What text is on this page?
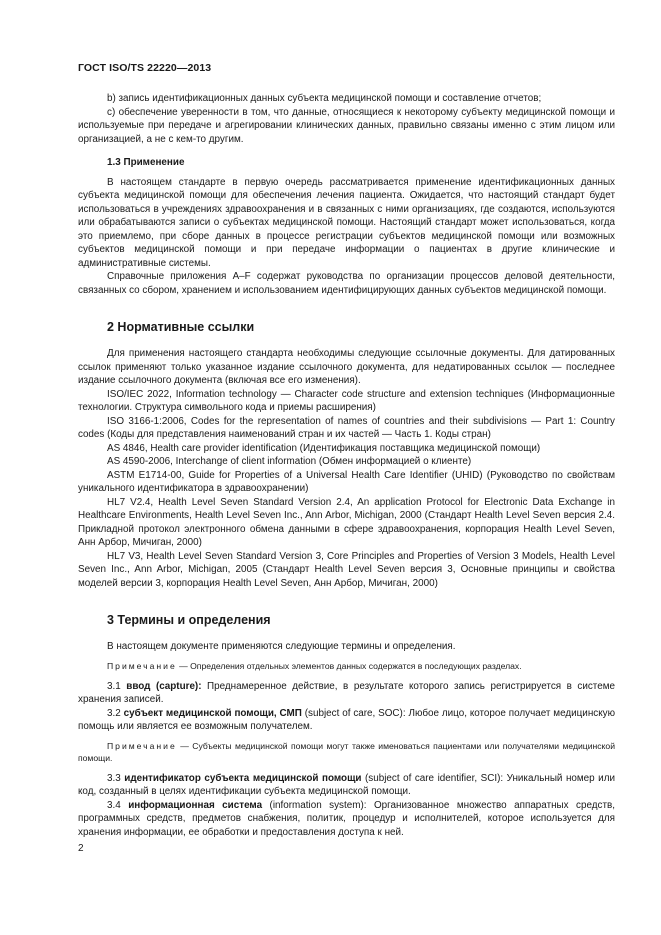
ГОСТ ISO/TS 22220—2013

b) запись идентификационных данных субъекта медицинской помощи и составление отчетов;

c) обеспечение уверенности в том, что данные, относящиеся к некоторому субъекту медицинской помощи и используемые при передаче и агрегировании клинических данных, правильно связаны именно с этим лицом или организацией, а не с кем-то другим.

1.3 Применение

В настоящем стандарте в первую очередь рассматривается применение идентификационных данных субъекта медицинской помощи для обеспечения лечения пациента. Ожидается, что настоящий стандарт будет использоваться в учреждениях здравоохранения и в связанных с ними организациях, где создаются, используются или обрабатываются записи о субъектах медицинской помощи. Настоящий стандарт может использоваться, когда это приемлемо, при сборе данных в процессе регистрации субъектов медицинской помощи или возможных субъектов медицинской помощи и при передаче информации о пациентах в другие клинические и административные системы.

Справочные приложения А–F содержат руководства по организации процессов деловой деятельности, связанных со сбором, хранением и использованием идентифицирующих данных субъектов медицинской помощи.

2 Нормативные ссылки

Для применения настоящего стандарта необходимы следующие ссылочные документы. Для датированных ссылок применяют только указанное издание ссылочного документа, для недатированных ссылок — последнее издание ссылочного документа (включая все его изменения).

ISO/IEC 2022, Information technology — Character code structure and extension techniques (Информационные технологии. Структура символьного кода и приемы расширения)

ISO 3166-1:2006, Codes for the representation of names of countries and their subdivisions — Part 1: Country codes (Коды для представления наименований стран и их частей — Часть 1. Коды стран)

AS 4846, Health care provider identification (Идентификация поставщика медицинской помощи)

AS 4590-2006, Interchange of client information (Обмен информацией о клиенте)

ASTM E1714-00, Guide for Properties of a Universal Health Care Identifier (UHID) (Руководство по свойствам уникального идентификатора в здравоохранении)

HL7 V2.4, Health Level Seven Standard Version 2.4, An application Protocol for Electronic Data Exchange in Healthcare Environments, Health Level Seven Inc., Ann Arbor, Michigan, 2000 (Стандарт Health Level Seven версия 2.4. Прикладной протокол электронного обмена данными в сфере здравоохранения, корпорация Health Level Seven, Анн Арбор, Мичиган, 2000)

HL7 V3, Health Level Seven Standard Version 3, Core Principles and Properties of Version 3 Models, Health Level Seven Inc., Ann Arbor, Michigan, 2005 (Стандарт Health Level Seven версия 3, Основные принципы и свойства моделей версии 3, корпорация Health Level Seven, Анн Арбор, Мичиган, 2000)

3 Термины и определения

В настоящем документе применяются следующие термины и определения.

Примечание — Определения отдельных элементов данных содержатся в последующих разделах.

3.1 ввод (capture): Преднамеренное действие, в результате которого запись регистрируется в системе хранения записей.

3.2 субъект медицинской помощи, СМП (subject of care, SOC): Любое лицо, которое получает медицинскую помощь или является ее возможным получателем.

Примечание — Субъекты медицинской помощи могут также именоваться пациентами или получателями медицинской помощи.

3.3 идентификатор субъекта медицинской помощи (subject of care identifier, SCI): Уникальный номер или код, созданный в целях идентификации субъекта медицинской помощи.

3.4 информационная система (information system): Организованное множество аппаратных средств, программных средств, предметов снабжения, политик, процедур и исполнителей, которое используется для хранения информации, ее обработки и предоставления доступа к ней.

2
